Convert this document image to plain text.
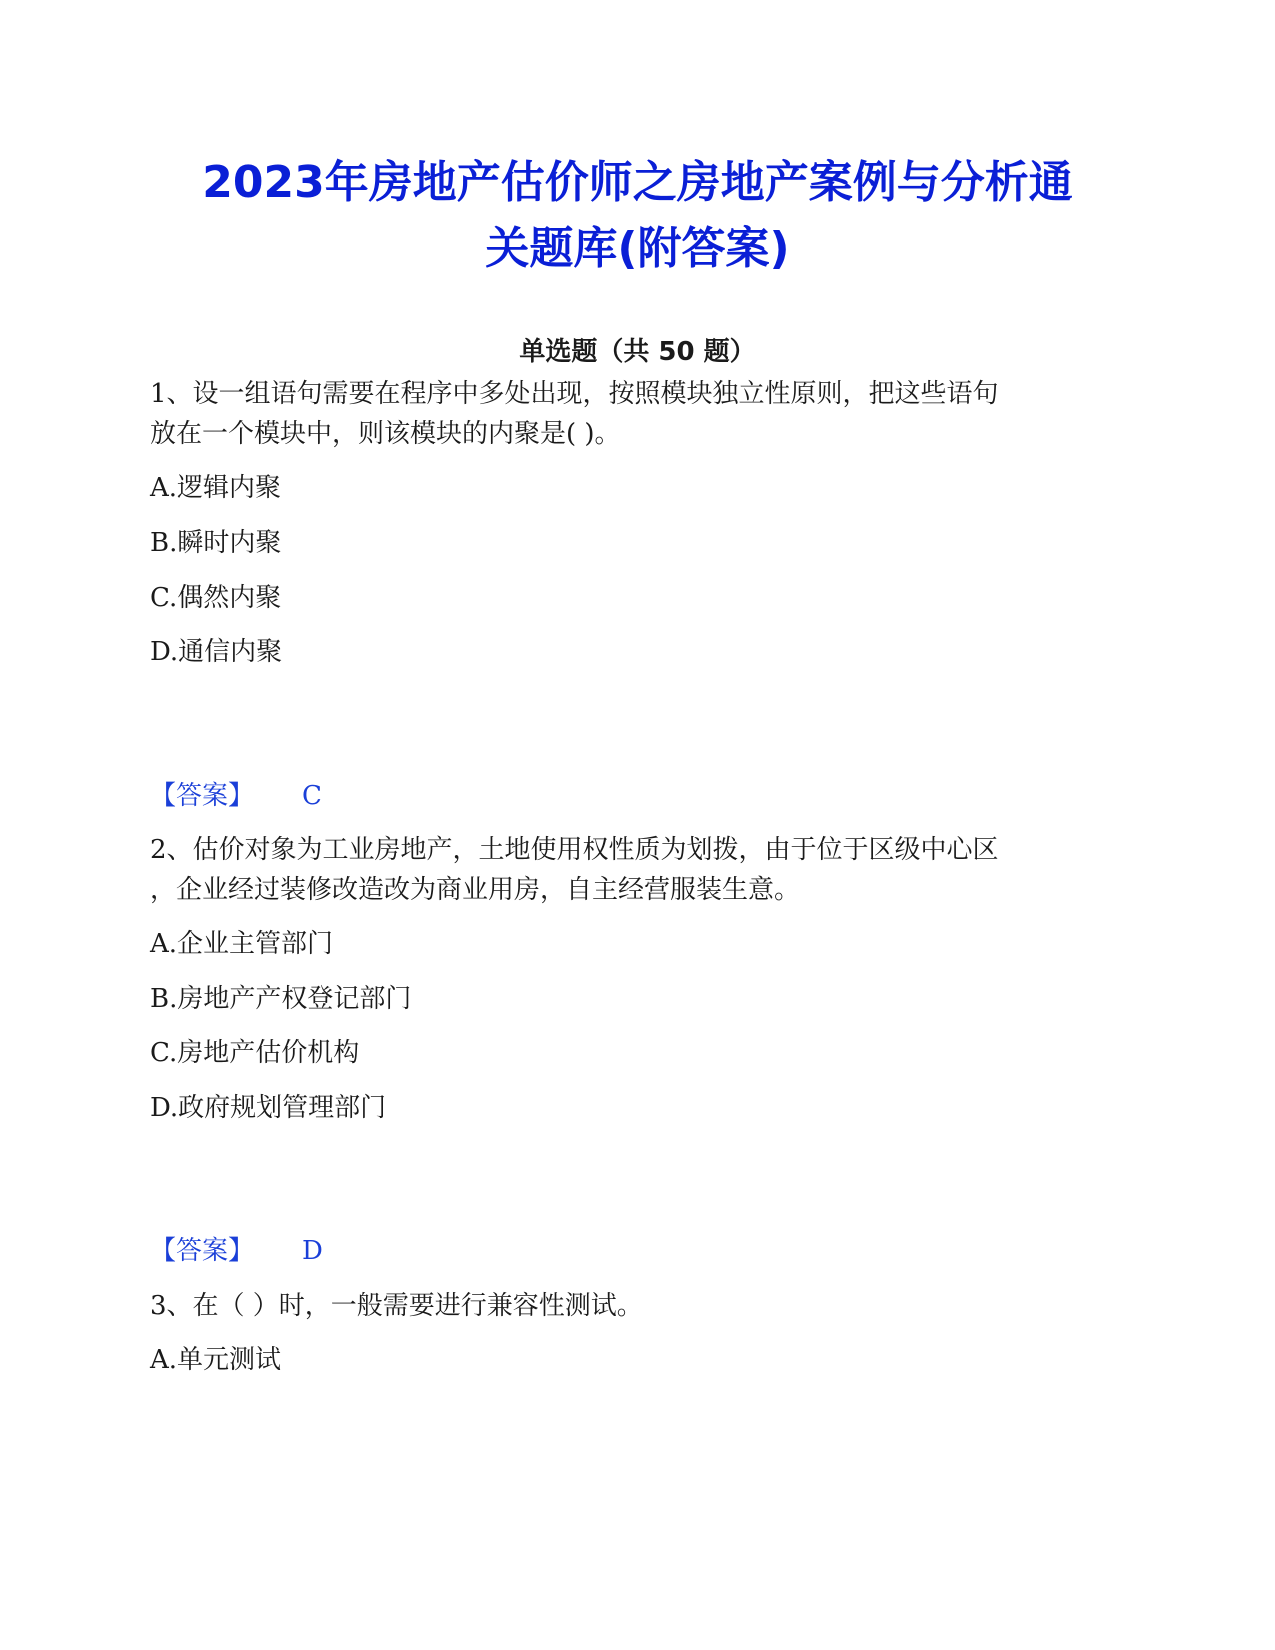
2023年房地产估价师之房地产案例与分析通
关题库(附答案)
单选题（共 50 题）
1、设一组语句需要在程序中多处出现，按照模块独立性原则，把这些语句
放在一个模块中，则该模块的内聚是( )。
A.逻辑内聚
B.瞬时内聚
C.偶然内聚
D.通信内聚
【答案】 C
2、估价对象为工业房地产，土地使用权性质为划拨，由于位于区级中心区
，企业经过装修改造改为商业用房，自主经营服装生意。
A.企业主管部门
B.房地产产权登记部门
C.房地产估价机构
D.政府规划管理部门
【答案】 D
3、在（ ）时，一般需要进行兼容性测试。
A.单元测试
